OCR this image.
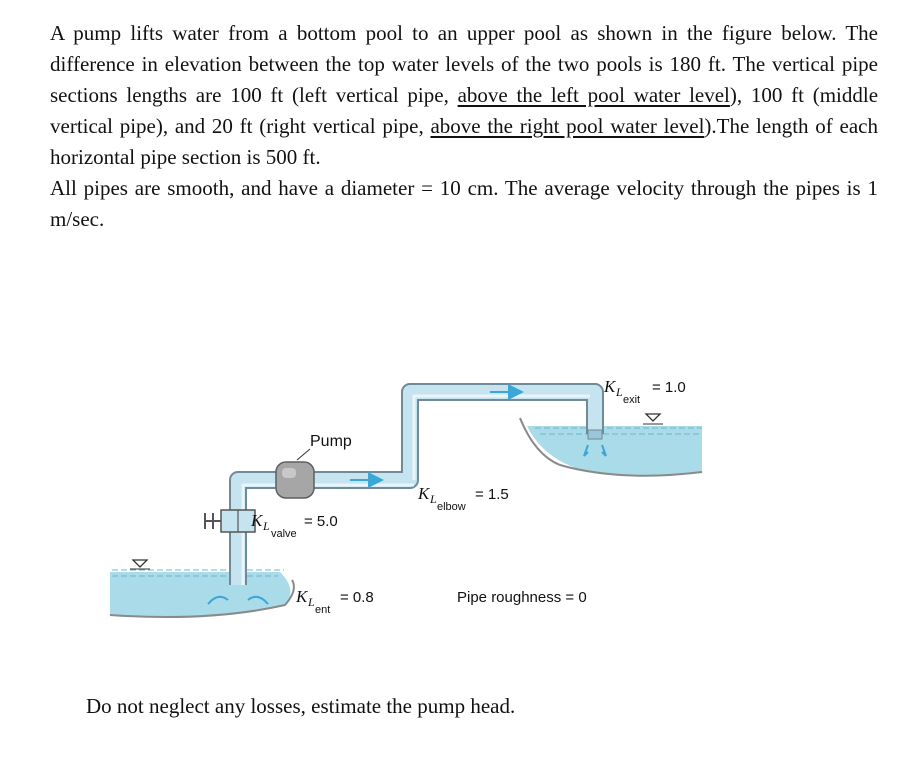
A pump lifts water from a bottom pool to an upper pool as shown in the figure below. The difference in elevation between the top water levels of the two pools is 180 ft. The vertical pipe sections lengths are 100 ft (left vertical pipe, above the left pool water level), 100 ft (middle vertical pipe), and 20 ft (right vertical pipe, above the right pool water level).The length of each horizontal pipe section is 500 ft.

All pipes are smooth, and have a diameter = 10 cm. The average velocity through the pipes is 1 m/sec.

Pump
K L
valve
= 5.0
K L
ent
= 0.8
K L
elbow
= 1.5
K L
exit
= 1.0
Pipe roughness = 0

Do not neglect any losses, estimate the pump head.
